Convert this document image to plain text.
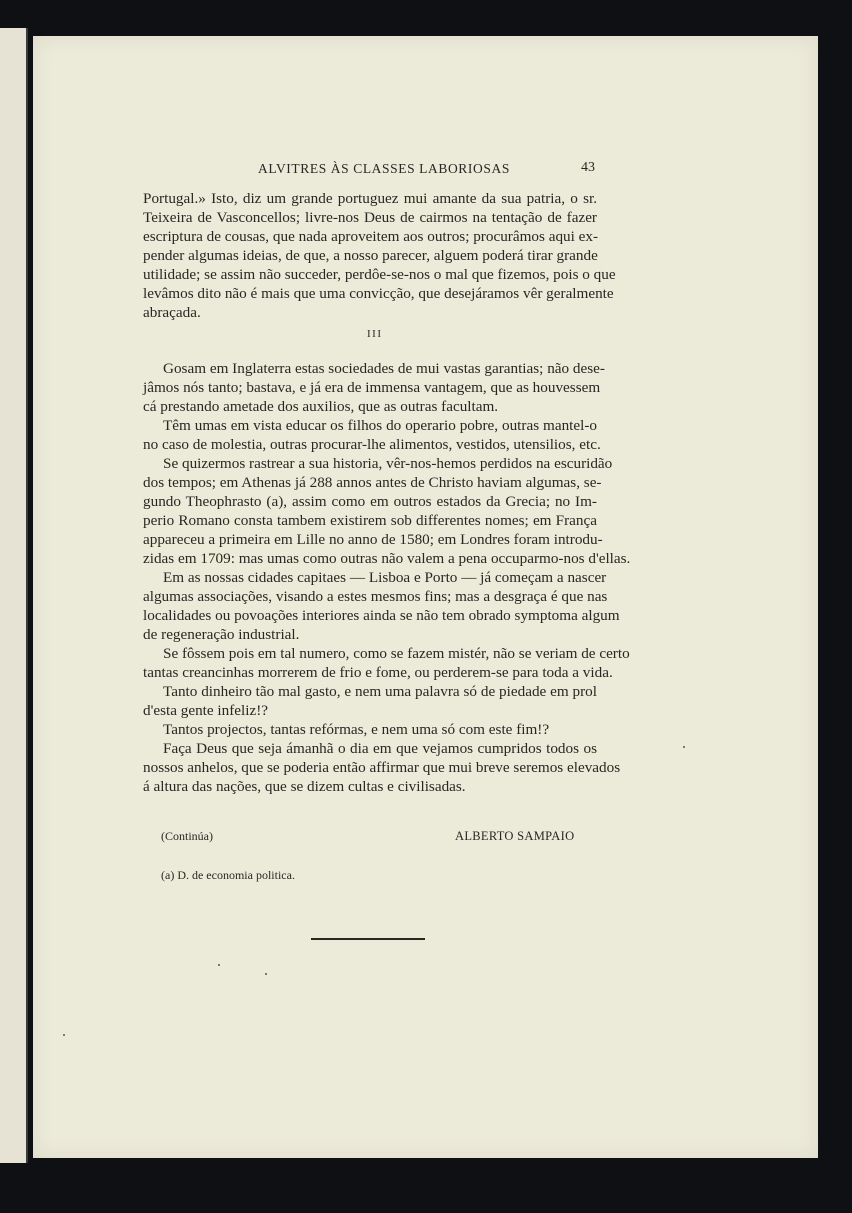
ALVITRES ÀS CLASSES LABORIOSAS	43

Portugal.» Isto, diz um grande portuguez mui amante da sua patria, o sr.

Teixeira de Vasconcellos; livre-nos Deus de cairmos na tentação de fazer

escriptura de cousas, que nada aproveitem aos outros; procurâmos aqui ex-

pender algumas ideias, de que, a nosso parecer, alguem poderá tirar grande

utilidade; se assim não succeder, perdôe-se-nos o mal que fizemos, pois o que

levâmos dito não é mais que uma convicção, que desejáramos vêr geralmente

abraçada.

III

Gosam em Inglaterra estas sociedades de mui vastas garantias; não dese-

jâmos nós tanto; bastava, e já era de immensa vantagem, que as houvessem

cá prestando ametade dos auxilios, que as outras facultam.

Têm umas em vista educar os filhos do operario pobre, outras mantel-o

no caso de molestia, outras procurar-lhe alimentos, vestidos, utensilios, etc.

Se quizermos rastrear a sua historia, vêr-nos-hemos perdidos na escuridão

dos tempos; em Athenas já 288 annos antes de Christo haviam algumas, se-

gundo Theophrasto (a), assim como em outros estados da Grecia; no Im-

perio Romano consta tambem existirem sob differentes nomes; em França

appareceu a primeira em Lille no anno de 1580; em Londres foram introdu-

zidas em 1709: mas umas como outras não valem a pena occuparmo-nos d'ellas.

Em as nossas cidades capitaes — Lisboa e Porto — já começam a nascer

algumas associações, visando a estes mesmos fins; mas a desgraça é que nas

localidades ou povoações interiores ainda se não tem obrado symptoma algum

de regeneração industrial.

Se fôssem pois em tal numero, como se fazem mistér, não se veriam de certo

tantas creancinhas morrerem de frio e fome, ou perderem-se para toda a vida.

Tanto dinheiro tão mal gasto, e nem uma palavra só de piedade em prol

d'esta gente infeliz!?

Tantos projectos, tantas refórmas, e nem uma só com este fim!?

Faça Deus que seja ámanhã o dia em que vejamos cumpridos todos os

nossos anhelos, que se poderia então affirmar que mui breve seremos elevados

á altura das nações, que se dizem cultas e civilisadas.

(Continúa)	ALBERTO SAMPAIO

(a) D. de economia politica.
